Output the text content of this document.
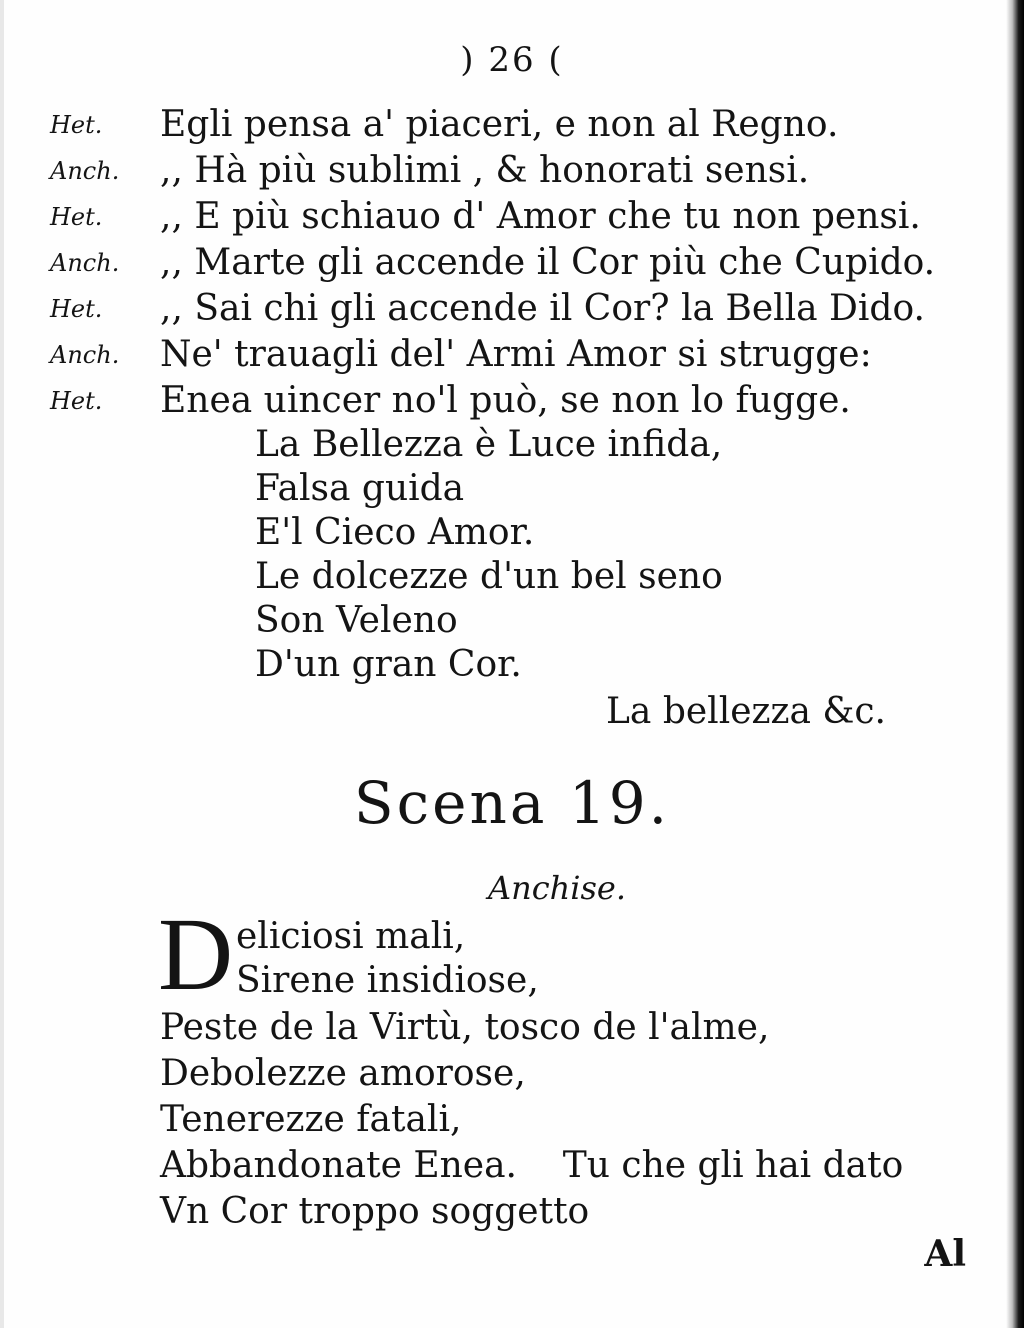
) 26 (
Het. Egli pensa a' piaceri, e non al Regno.
Anch. ,, Hà più sublimi , & honorati sensi.
Het. ,, E più schiauo d' Amor che tu non pensi.
Anch. ,, Marte gli accende il Cor più che Cupido.
Het. ,, Sai chi gli accende il Cor? la Bella Dido.
Anch. Ne' trauagli del' Armi Amor si strugge:
Het. Enea uincer no'l può, se non lo fugge.
La Bellezza è Luce infida,
Falsa guida
E'l Cieco Amor.
Le dolcezze d'un bel seno
Son Veleno
D'un gran Cor.
La bellezza &c.
Scena 19.
Anchise.
D eliciosi mali,
Sirene insidiose,
Peste de la Virtù, tosco de l'alme,
Debolezze amorose,
Tenerezze fatali,
Abbandonate Enea.    Tu che gli hai dato
Vn Cor troppo soggetto
Al
